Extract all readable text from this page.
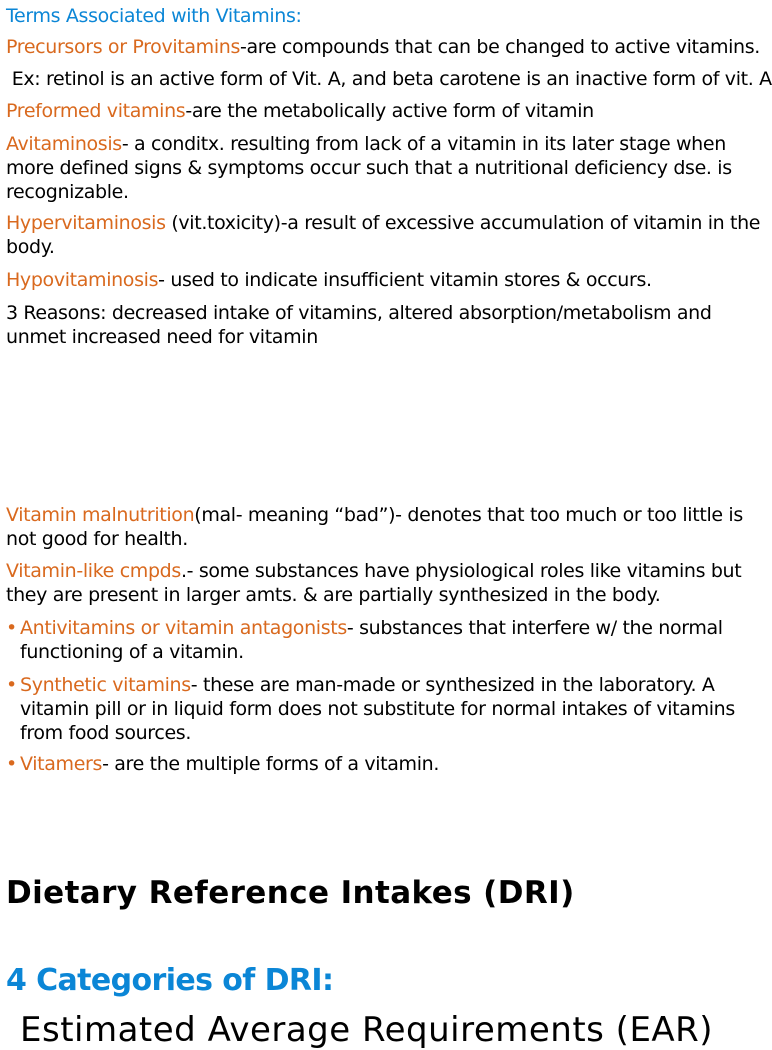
Terms Associated with Vitamins:

Precursors or Provitamins-are compounds that can be changed to active vitamins.

Ex: retinol is an active form of Vit. A, and beta carotene is an inactive form of vit. A

Preformed vitamins-are the metabolically active form of vitamin

Avitaminosis- a conditx. resulting from lack of a vitamin in its later stage when more defined signs & symptoms occur such that a nutritional deficiency dse. is recognizable.

Hypervitaminosis (vit.toxicity)-a result of excessive accumulation of vitamin in the body.

Hypovitaminosis- used to indicate insufficient vitamin stores & occurs.

3 Reasons: decreased intake of vitamins, altered absorption/metabolism and unmet increased need for vitamin

Vitamin malnutrition(mal- meaning “bad”)- denotes that too much or too little is not good for health.

Vitamin-like cmpds.- some substances have physiological roles like vitamins but they are present in larger amts. & are partially synthesized in the body.

• Antivitamins or vitamin antagonists- substances that interfere w/ the normal functioning of a vitamin.
• Synthetic vitamins- these are man-made or synthesized in the laboratory. A vitamin pill or in liquid form does not substitute for normal intakes of vitamins from food sources.
• Vitamers- are the multiple forms of a vitamin.
Dietary Reference Intakes (DRI)
4 Categories of DRI:

Estimated Average Requirements (EAR)
